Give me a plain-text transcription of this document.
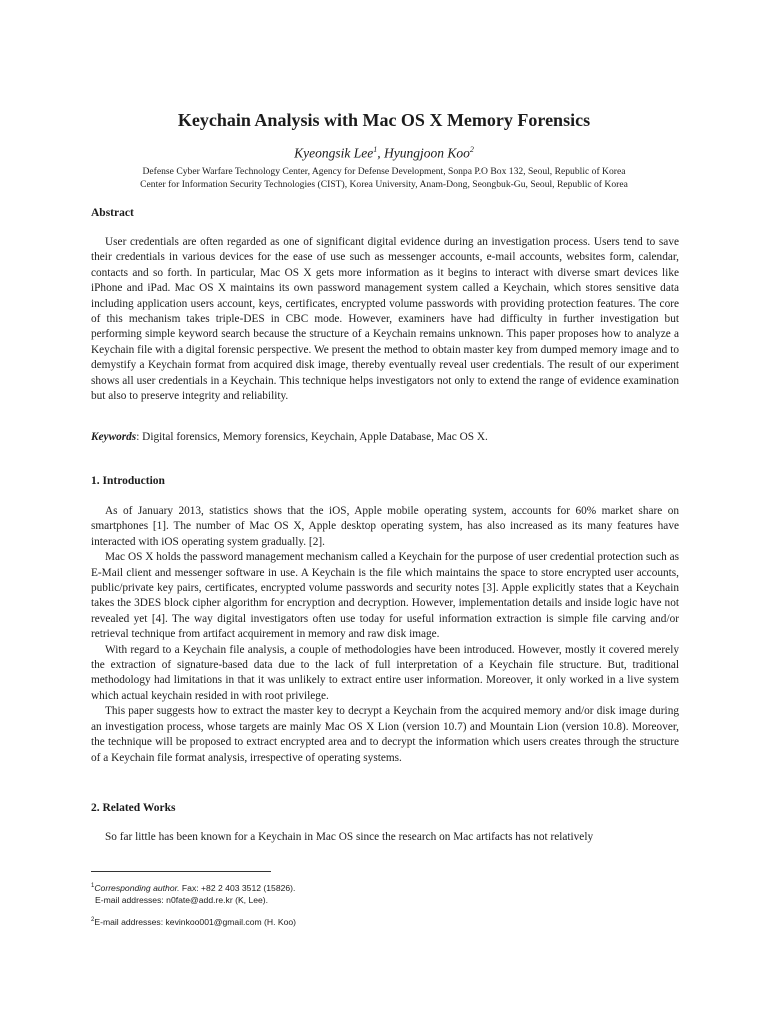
Keychain Analysis with Mac OS X Memory Forensics
Kyeongsik Lee$^1$, Hyungjoon Koo$^2$
Defense Cyber Warfare Technology Center, Agency for Defense Development, Sonpa P.O Box 132, Seoul, Republic of Korea
Center for Information Security Technologies (CIST), Korea University, Anam-Dong, Seongbuk-Gu, Seoul, Republic of Korea
Abstract

User credentials are often regarded as one of significant digital evidence during an investigation process. Users tend to save their credentials in various devices for the ease of use such as messenger accounts, e-mail accounts, websites form, calendar, contacts and so forth. In particular, Mac OS X gets more information as it begins to interact with diverse smart devices like iPhone and iPad. Mac OS X maintains its own password management system called a Keychain, which stores sensitive data including application users account, keys, certificates, encrypted volume passwords with providing protection features. The core of this mechanism takes triple-DES in CBC mode. However, examiners have had difficulty in further investigation but performing simple keyword search because the structure of a Keychain remains unknown. This paper proposes how to analyze a Keychain file with a digital forensic perspective. We present the method to obtain master key from dumped memory image and to demystify a Keychain format from acquired disk image, thereby eventually reveal user credentials. The result of our experiment shows all user credentials in a Keychain. This technique helps investigators not only to extend the range of evidence examination but also to preserve integrity and reliability.

Keywords: Digital forensics, Memory forensics, Keychain, Apple Database, Mac OS X.
1. Introduction

As of January 2013, statistics shows that the iOS, Apple mobile operating system, accounts for 60% market share on smartphones [1]. The number of Mac OS X, Apple desktop operating system, has also increased as its many features have interacted with iOS operating system gradually. [2].

Mac OS X holds the password management mechanism called a Keychain for the purpose of user credential protection such as E-Mail client and messenger software in use. A Keychain is the file which maintains the space to store encrypted user accounts, public/private key pairs, certificates, encrypted volume passwords and security notes [3]. Apple explicitly states that a Keychain takes the 3DES block cipher algorithm for encryption and decryption. However, implementation details and inside logic have not revealed yet [4]. The way digital investigators often use today for useful information extraction is simple file carving and/or retrieval technique from artifact acquirement in memory and raw disk image.

With regard to a Keychain file analysis, a couple of methodologies have been introduced. However, mostly it covered merely the extraction of signature-based data due to the lack of full interpretation of a Keychain file structure. But, traditional methodology had limitations in that it was unlikely to extract entire user information. Moreover, it only worked in a live system which actual keychain resided in with root privilege.

This paper suggests how to extract the master key to decrypt a Keychain from the acquired memory and/or disk image during an investigation process, whose targets are mainly Mac OS X Lion (version 10.7) and Mountain Lion (version 10.8). Moreover, the technique will be proposed to extract encrypted area and to decrypt the information which users creates through the structure of a Keychain file format analysis, irrespective of operating systems.

2. Related Works

So far little has been known for a Keychain in Mac OS since the research on Mac artifacts has not relatively

$^1$Corresponding author. Fax: +82 2 403 3512 (15826).
E-mail addresses: n0fate@add.re.kr (K, Lee).
$^2$E-mail addresses: kevinkoo001@gmail.com (H. Koo)
